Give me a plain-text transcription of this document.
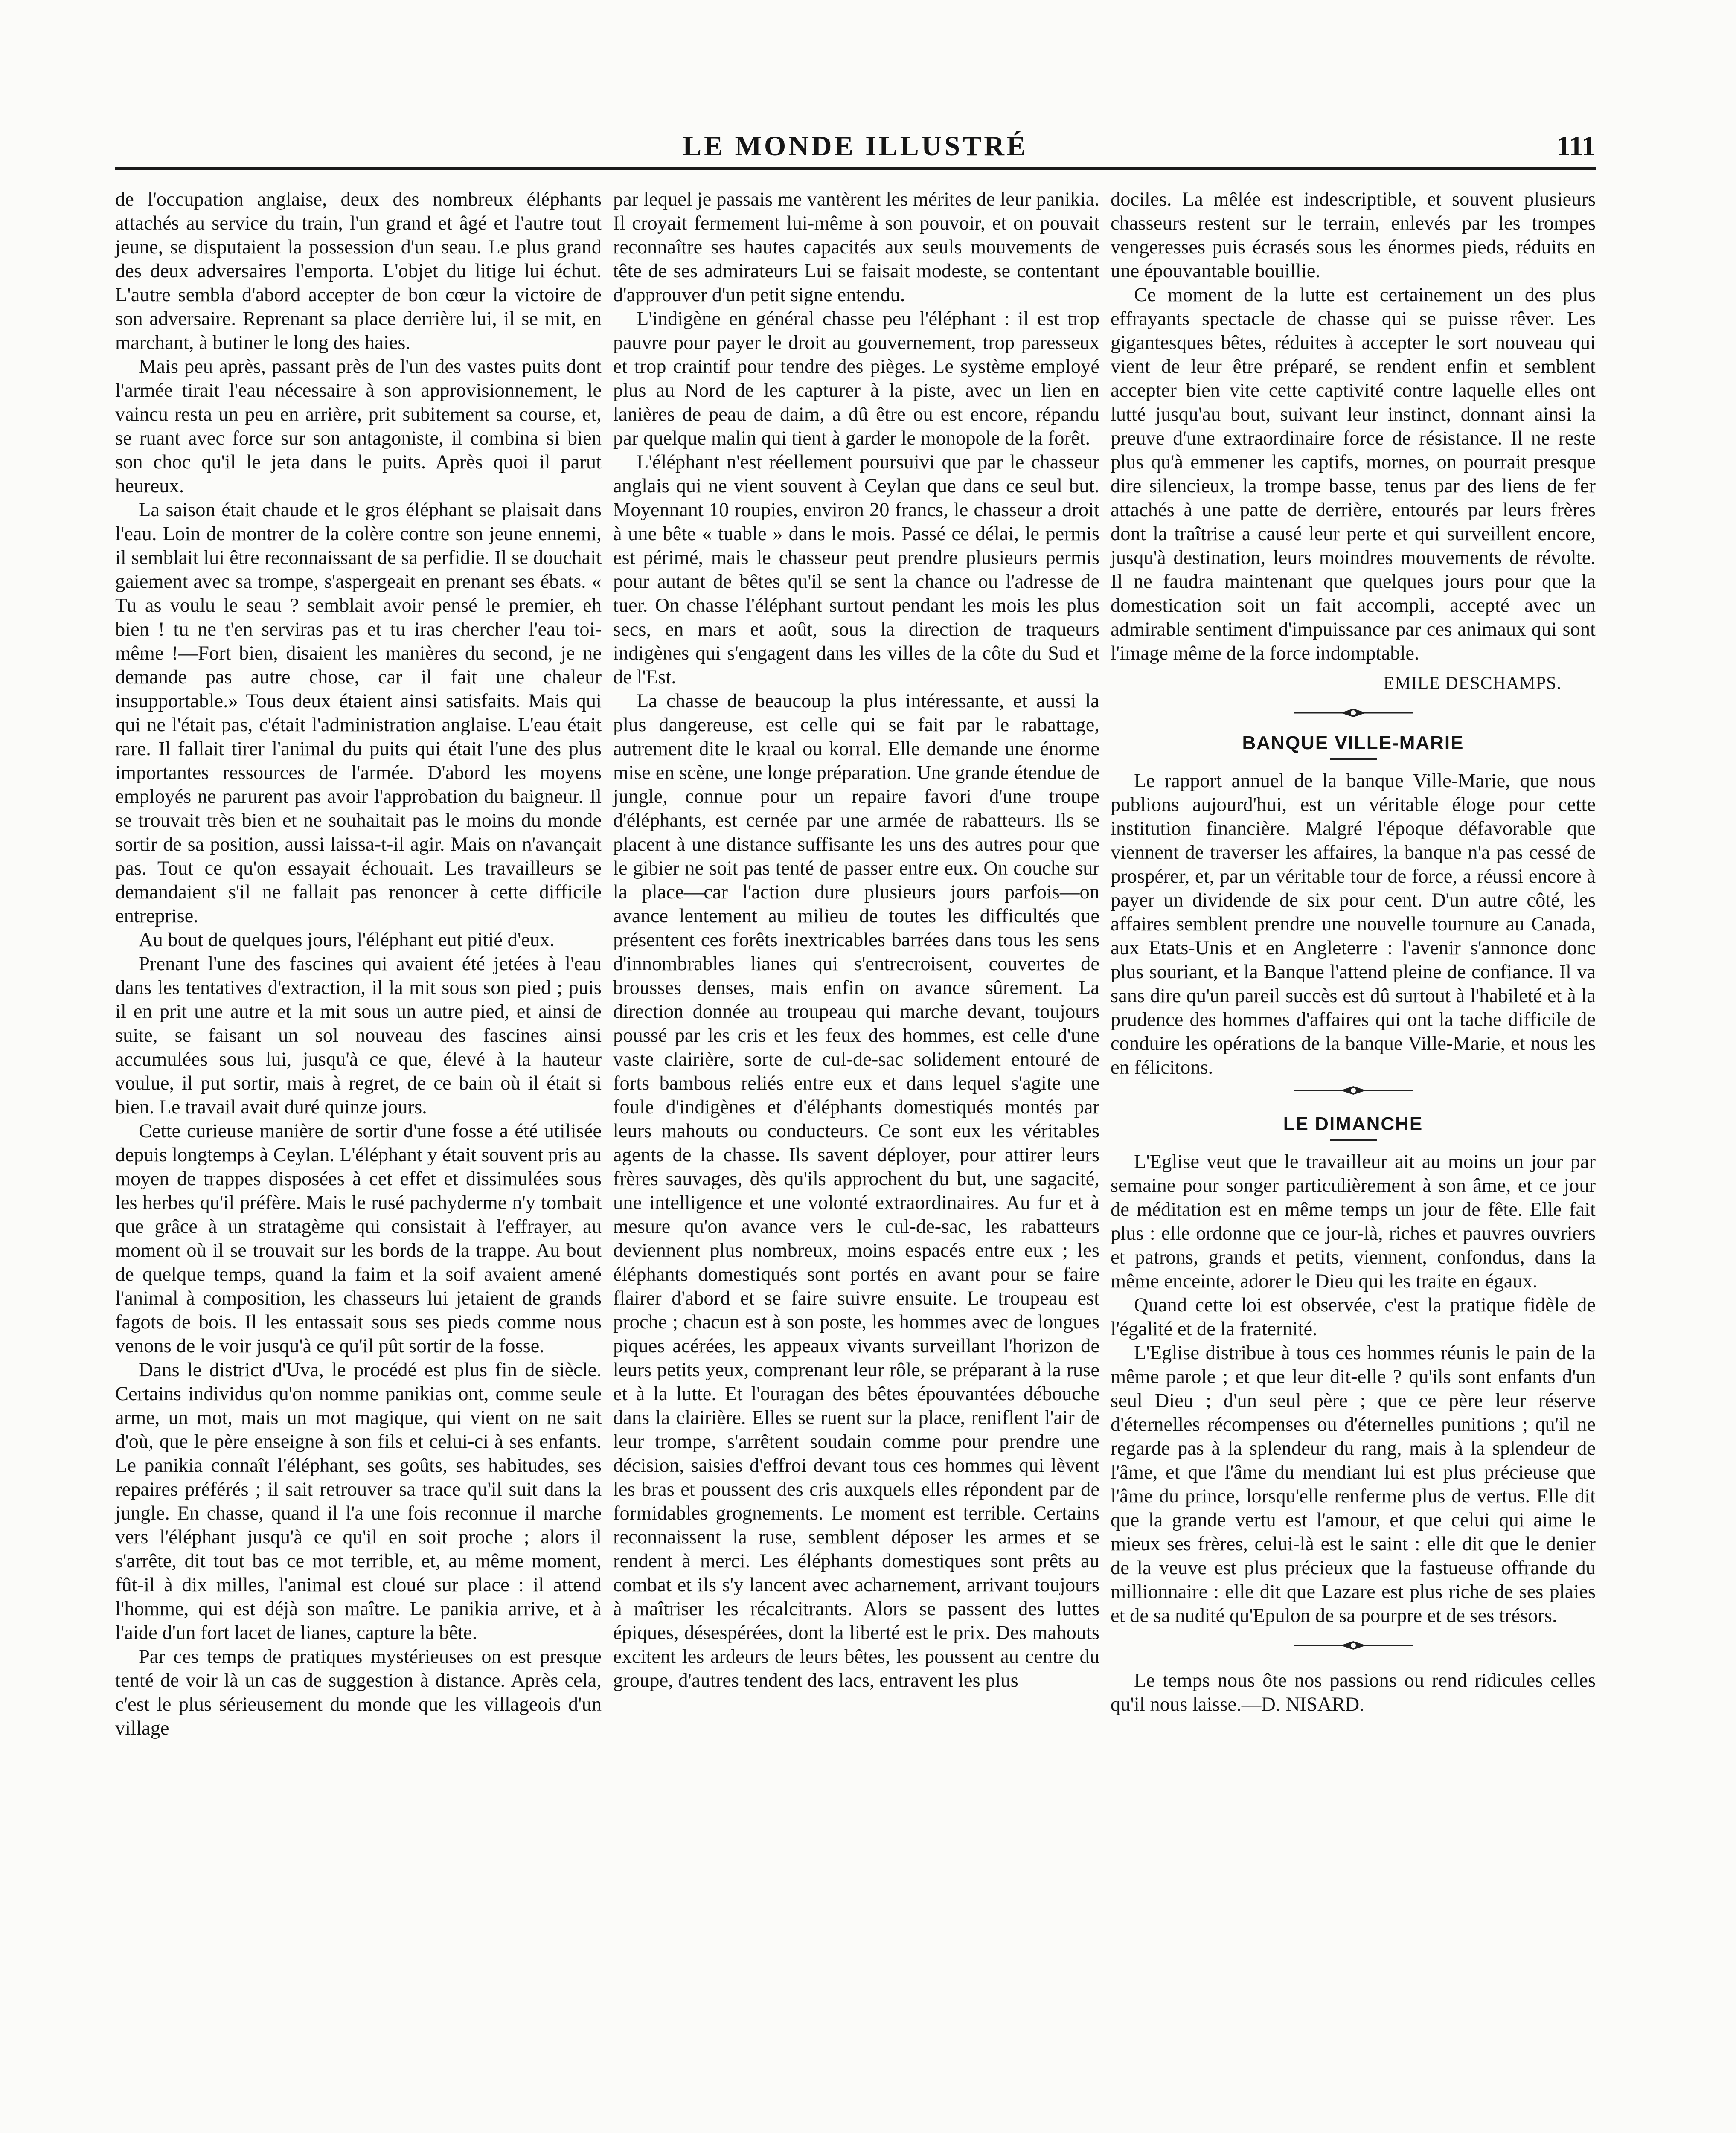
LE MONDE ILLUSTRÉ	111

de l'occupation anglaise, deux des nombreux éléphants attachés au service du train, l'un grand et âgé et l'autre tout jeune, se disputaient la possession d'un seau. Le plus grand des deux adversaires l'emporta. L'objet du litige lui échut. L'autre sembla d'abord accepter de bon cœur la victoire de son adversaire. Reprenant sa place derrière lui, il se mit, en marchant, à butiner le long des haies.

Mais peu après, passant près de l'un des vastes puits dont l'armée tirait l'eau nécessaire à son approvisionnement, le vaincu resta un peu en arrière, prit subitement sa course, et, se ruant avec force sur son antagoniste, il combina si bien son choc qu'il le jeta dans le puits. Après quoi il parut heureux.

La saison était chaude et le gros éléphant se plaisait dans l'eau. Loin de montrer de la colère contre son jeune ennemi, il semblait lui être reconnaissant de sa perfidie. Il se douchait gaiement avec sa trompe, s'aspergeait en prenant ses ébats. « Tu as voulu le seau ? semblait avoir pensé le premier, eh bien ! tu ne t'en serviras pas et tu iras chercher l'eau toi-même !—Fort bien, disaient les manières du second, je ne demande pas autre chose, car il fait une chaleur insupportable.» Tous deux étaient ainsi satisfaits. Mais qui qui ne l'était pas, c'était l'administration anglaise. L'eau était rare. Il fallait tirer l'animal du puits qui était l'une des plus importantes ressources de l'armée. D'abord les moyens employés ne parurent pas avoir l'approbation du baigneur. Il se trouvait très bien et ne souhaitait pas le moins du monde sortir de sa position, aussi laissa-t-il agir. Mais on n'avançait pas. Tout ce qu'on essayait échouait. Les travailleurs se demandaient s'il ne fallait pas renoncer à cette difficile entreprise.

Au bout de quelques jours, l'éléphant eut pitié d'eux.

Prenant l'une des fascines qui avaient été jetées à l'eau dans les tentatives d'extraction, il la mit sous son pied ; puis il en prit une autre et la mit sous un autre pied, et ainsi de suite, se faisant un sol nouveau des fascines ainsi accumulées sous lui, jusqu'à ce que, élevé à la hauteur voulue, il put sortir, mais à regret, de ce bain où il était si bien. Le travail avait duré quinze jours.

Cette curieuse manière de sortir d'une fosse a été utilisée depuis longtemps à Ceylan. L'éléphant y était souvent pris au moyen de trappes disposées à cet effet et dissimulées sous les herbes qu'il préfère. Mais le rusé pachyderme n'y tombait que grâce à un stratagème qui consistait à l'effrayer, au moment où il se trouvait sur les bords de la trappe. Au bout de quelque temps, quand la faim et la soif avaient amené l'animal à composition, les chasseurs lui jetaient de grands fagots de bois. Il les entassait sous ses pieds comme nous venons de le voir jusqu'à ce qu'il pût sortir de la fosse.

Dans le district d'Uva, le procédé est plus fin de siècle. Certains individus qu'on nomme panikias ont, comme seule arme, un mot, mais un mot magique, qui vient on ne sait d'où, que le père enseigne à son fils et celui-ci à ses enfants. Le panikia connaît l'éléphant, ses goûts, ses habitudes, ses repaires préférés ; il sait retrouver sa trace qu'il suit dans la jungle. En chasse, quand il l'a une fois reconnue il marche vers l'éléphant jusqu'à ce qu'il en soit proche ; alors il s'arrête, dit tout bas ce mot terrible, et, au même moment, fût-il à dix milles, l'animal est cloué sur place : il attend l'homme, qui est déjà son maître. Le panikia arrive, et à l'aide d'un fort lacet de lianes, capture la bête.

Par ces temps de pratiques mystérieuses on est presque tenté de voir là un cas de suggestion à distance. Après cela, c'est le plus sérieusement du monde que les villageois d'un village

par lequel je passais me vantèrent les mérites de leur panikia. Il croyait fermement lui-même à son pouvoir, et on pouvait reconnaître ses hautes capacités aux seuls mouvements de tête de ses admirateurs Lui se faisait modeste, se contentant d'approuver d'un petit signe entendu.

L'indigène en général chasse peu l'éléphant : il est trop pauvre pour payer le droit au gouvernement, trop paresseux et trop craintif pour tendre des pièges. Le système employé plus au Nord de les capturer à la piste, avec un lien en lanières de peau de daim, a dû être ou est encore, répandu par quelque malin qui tient à garder le monopole de la forêt.

L'éléphant n'est réellement poursuivi que par le chasseur anglais qui ne vient souvent à Ceylan que dans ce seul but. Moyennant 10 roupies, environ 20 francs, le chasseur a droit à une bête « tuable » dans le mois. Passé ce délai, le permis est périmé, mais le chasseur peut prendre plusieurs permis pour autant de bêtes qu'il se sent la chance ou l'adresse de tuer. On chasse l'éléphant surtout pendant les mois les plus secs, en mars et août, sous la direction de traqueurs indigènes qui s'engagent dans les villes de la côte du Sud et de l'Est.

La chasse de beaucoup la plus intéressante, et aussi la plus dangereuse, est celle qui se fait par le rabattage, autrement dite le kraal ou korral. Elle demande une énorme mise en scène, une longe préparation. Une grande étendue de jungle, connue pour un repaire favori d'une troupe d'éléphants, est cernée par une armée de rabatteurs. Ils se placent à une distance suffisante les uns des autres pour que le gibier ne soit pas tenté de passer entre eux. On couche sur la place—car l'action dure plusieurs jours parfois—on avance lentement au milieu de toutes les difficultés que présentent ces forêts inextricables barrées dans tous les sens d'innombrables lianes qui s'entrecroisent, couvertes de brousses denses, mais enfin on avance sûrement. La direction donnée au troupeau qui marche devant, toujours poussé par les cris et les feux des hommes, est celle d'une vaste clairière, sorte de cul-de-sac solidement entouré de forts bambous reliés entre eux et dans lequel s'agite une foule d'indigènes et d'éléphants domestiqués montés par leurs mahouts ou conducteurs. Ce sont eux les véritables agents de la chasse. Ils savent déployer, pour attirer leurs frères sauvages, dès qu'ils approchent du but, une sagacité, une intelligence et une volonté extraordinaires. Au fur et à mesure qu'on avance vers le cul-de-sac, les rabatteurs deviennent plus nombreux, moins espacés entre eux ; les éléphants domestiqués sont portés en avant pour se faire flairer d'abord et se faire suivre ensuite. Le troupeau est proche ; chacun est à son poste, les hommes avec de longues piques acérées, les appeaux vivants surveillant l'horizon de leurs petits yeux, comprenant leur rôle, se préparant à la ruse et à la lutte. Et l'ouragan des bêtes épouvantées débouche dans la clairière. Elles se ruent sur la place, reniflent l'air de leur trompe, s'arrêtent soudain comme pour prendre une décision, saisies d'effroi devant tous ces hommes qui lèvent les bras et poussent des cris auxquels elles répondent par de formidables grognements. Le moment est terrible. Certains reconnaissent la ruse, semblent déposer les armes et se rendent à merci. Les éléphants domestiques sont prêts au combat et ils s'y lancent avec acharnement, arrivant toujours à maîtriser les récalcitrants. Alors se passent des luttes épiques, désespérées, dont la liberté est le prix. Des mahouts excitent les ardeurs de leurs bêtes, les poussent au centre du groupe, d'autres tendent des lacs, entravent les plus

dociles. La mêlée est indescriptible, et souvent plusieurs chasseurs restent sur le terrain, enlevés par les trompes vengeresses puis écrasés sous les énormes pieds, réduits en une épouvantable bouillie.

Ce moment de la lutte est certainement un des plus effrayants spectacle de chasse qui se puisse rêver. Les gigantesques bêtes, réduites à accepter le sort nouveau qui vient de leur être préparé, se rendent enfin et semblent accepter bien vite cette captivité contre laquelle elles ont lutté jusqu'au bout, suivant leur instinct, donnant ainsi la preuve d'une extraordinaire force de résistance. Il ne reste plus qu'à emmener les captifs, mornes, on pourrait presque dire silencieux, la trompe basse, tenus par des liens de fer attachés à une patte de derrière, entourés par leurs frères dont la traîtrise a causé leur perte et qui surveillent encore, jusqu'à destination, leurs moindres mouvements de révolte. Il ne faudra maintenant que quelques jours pour que la domestication soit un fait accompli, accepté avec un admirable sentiment d'impuissance par ces animaux qui sont l'image même de la force indomptable.

EMILE DESCHAMPS.
BANQUE VILLE-MARIE

Le rapport annuel de la banque Ville-Marie, que nous publions aujourd'hui, est un véritable éloge pour cette institution financière. Malgré l'époque défavorable que viennent de traverser les affaires, la banque n'a pas cessé de prospérer, et, par un véritable tour de force, a réussi encore à payer un dividende de six pour cent. D'un autre côté, les affaires semblent prendre une nouvelle tournure au Canada, aux Etats-Unis et en Angleterre : l'avenir s'annonce donc plus souriant, et la Banque l'attend pleine de confiance. Il va sans dire qu'un pareil succès est dû surtout à l'habileté et à la prudence des hommes d'affaires qui ont la tache difficile de conduire les opérations de la banque Ville-Marie, et nous les en félicitons.

LE DIMANCHE

L'Eglise veut que le travailleur ait au moins un jour par semaine pour songer particulièrement à son âme, et ce jour de méditation est en même temps un jour de fête. Elle fait plus : elle ordonne que ce jour-là, riches et pauvres ouvriers et patrons, grands et petits, viennent, confondus, dans la même enceinte, adorer le Dieu qui les traite en égaux.

Quand cette loi est observée, c'est la pratique fidèle de l'égalité et de la fraternité.

L'Eglise distribue à tous ces hommes réunis le pain de la même parole ; et que leur dit-elle ? qu'ils sont enfants d'un seul Dieu ; d'un seul père ; que ce père leur réserve d'éternelles récompenses ou d'éternelles punitions ; qu'il ne regarde pas à la splendeur du rang, mais à la splendeur de l'âme, et que l'âme du mendiant lui est plus précieuse que l'âme du prince, lorsqu'elle renferme plus de vertus. Elle dit que la grande vertu est l'amour, et que celui qui aime le mieux ses frères, celui-là est le saint : elle dit que le denier de la veuve est plus précieux que la fastueuse offrande du millionnaire : elle dit que Lazare est plus riche de ses plaies et de sa nudité qu'Epulon de sa pourpre et de ses trésors.

Le temps nous ôte nos passions ou rend ridicules celles qu'il nous laisse.—D. NISARD.
